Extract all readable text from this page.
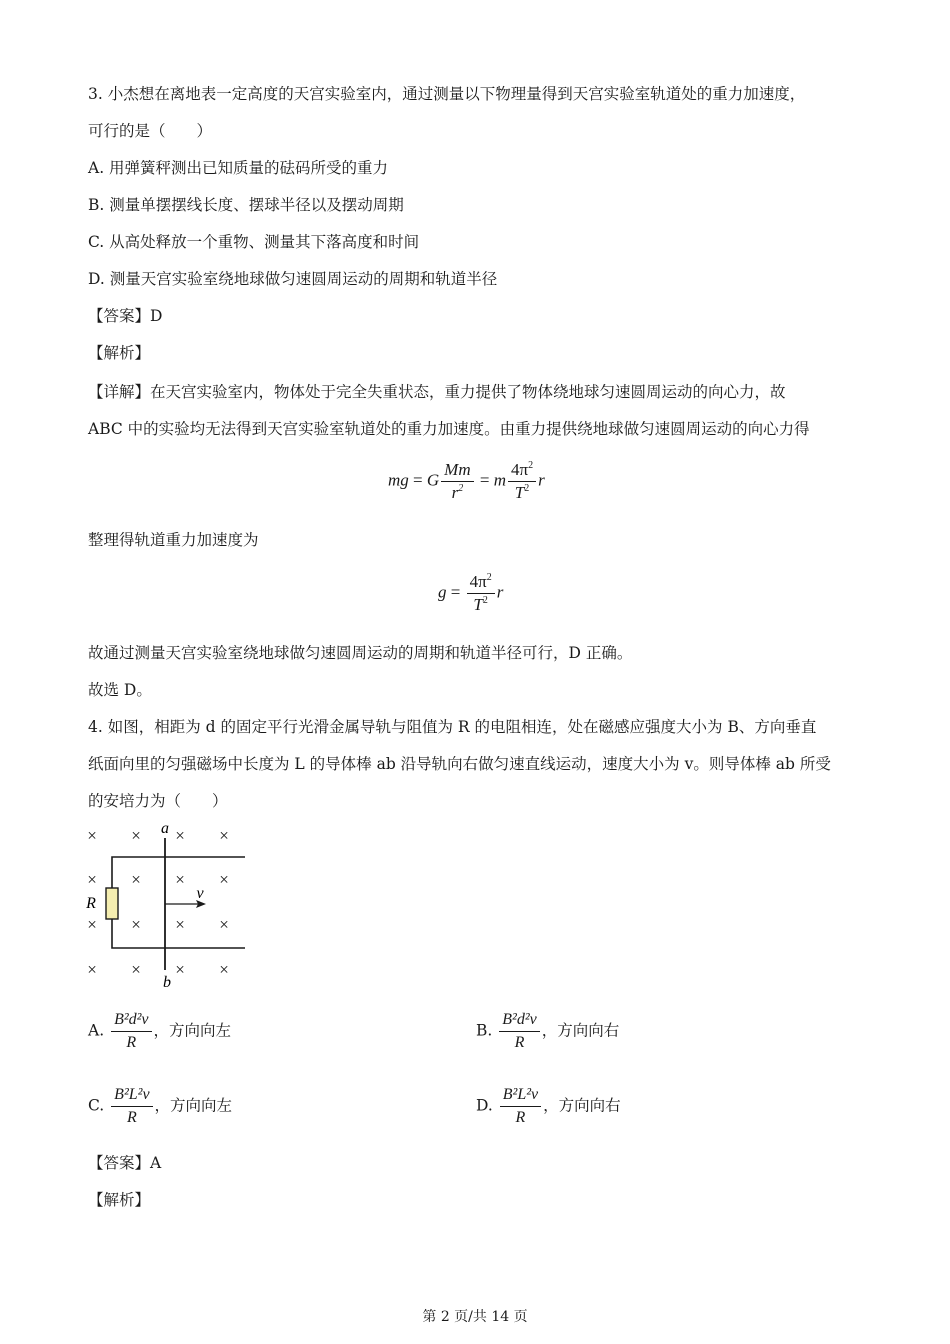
3. 小杰想在离地表一定高度的天宫实验室内，通过测量以下物理量得到天宫实验室轨道处的重力加速度，
可行的是（　　）
A. 用弹簧秤测出已知质量的砝码所受的重力
B. 测量单摆摆线长度、摆球半径以及摆动周期
C. 从高处释放一个重物、测量其下落高度和时间
D. 测量天宫实验室绕地球做匀速圆周运动的周期和轨道半径
【答案】D
【解析】
【详解】在天宫实验室内，物体处于完全失重状态，重力提供了物体绕地球匀速圆周运动的向心力，故
ABC 中的实验均无法得到天宫实验室轨道处的重力加速度。由重力提供绕地球做匀速圆周运动的向心力得
mg = G $\frac{Mm}{r^2} = m \frac{4\pi^2}{T^2}$ r
整理得轨道重力加速度为
$g = \frac{4\pi^2}{T^2}$ r
故通过测量天宫实验室绕地球做匀速圆周运动的周期和轨道半径可行，D 正确。
故选 D。
4. 如图，相距为 d 的固定平行光滑金属导轨与阻值为 R 的电阻相连，处在磁感应强度大小为 B、方向垂直
纸面向里的匀强磁场中长度为 L 的导体棒 ab 沿导轨向右做匀速直线运动，速度大小为 v。则导体棒 ab 所受
的安培力为（　　）
× × × ×
× × × ×
× × × ×
× × × ×
R
a
b
v
A. $\frac{\text{B²d²v}}{R}$ ，方向向左	B. $\frac{\text{B²d²v}}{R}$ ，方向向右
C. $\frac{\text{B²L²v}}{R}$ ，方向向左	D. $\frac{\text{B²L²v}}{R}$ ，方向向右
【答案】A
【解析】
第 2 页/共 14 页
